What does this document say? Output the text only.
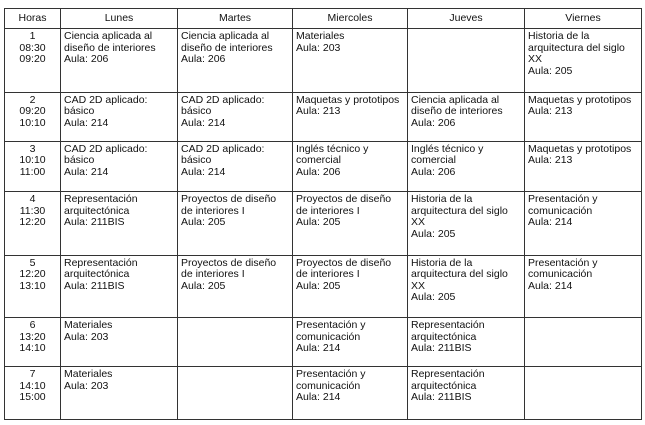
Horas	Lunes	Martes	Miercoles	Jueves	Viernes

1
08:30
09:20	Ciencia aplicada al
diseño de interiores
Aula: 206	Ciencia aplicada al
diseño de interiores
Aula: 206	Materiales
Aula: 203		Historia de la
arquitectura del siglo
XX
Aula: 205

2
09:20
10:10	CAD 2D aplicado:
básico
Aula: 214	CAD 2D aplicado:
básico
Aula: 214	Maquetas y prototipos
Aula: 213	Ciencia aplicada al
diseño de interiores
Aula: 206	Maquetas y prototipos
Aula: 213

3
10:10
11:00	CAD 2D aplicado:
básico
Aula: 214	CAD 2D aplicado:
básico
Aula: 214	Inglés técnico y
comercial
Aula: 206	Inglés técnico y
comercial
Aula: 206	Maquetas y prototipos
Aula: 213

4
11:30
12:20	Representación
arquitectónica
Aula: 211BIS	Proyectos de diseño
de interiores I
Aula: 205	Proyectos de diseño
de interiores I
Aula: 205	Historia de la
arquitectura del siglo
XX
Aula: 205	Presentación y
comunicación
Aula: 214

5
12:20
13:10	Representación
arquitectónica
Aula: 211BIS	Proyectos de diseño
de interiores I
Aula: 205	Proyectos de diseño
de interiores I
Aula: 205	Historia de la
arquitectura del siglo
XX
Aula: 205	Presentación y
comunicación
Aula: 214

6
13:20
14:10	Materiales
Aula: 203		Presentación y
comunicación
Aula: 214	Representación
arquitectónica
Aula: 211BIS	

7
14:10
15:00	Materiales
Aula: 203		Presentación y
comunicación
Aula: 214	Representación
arquitectónica
Aula: 211BIS	
